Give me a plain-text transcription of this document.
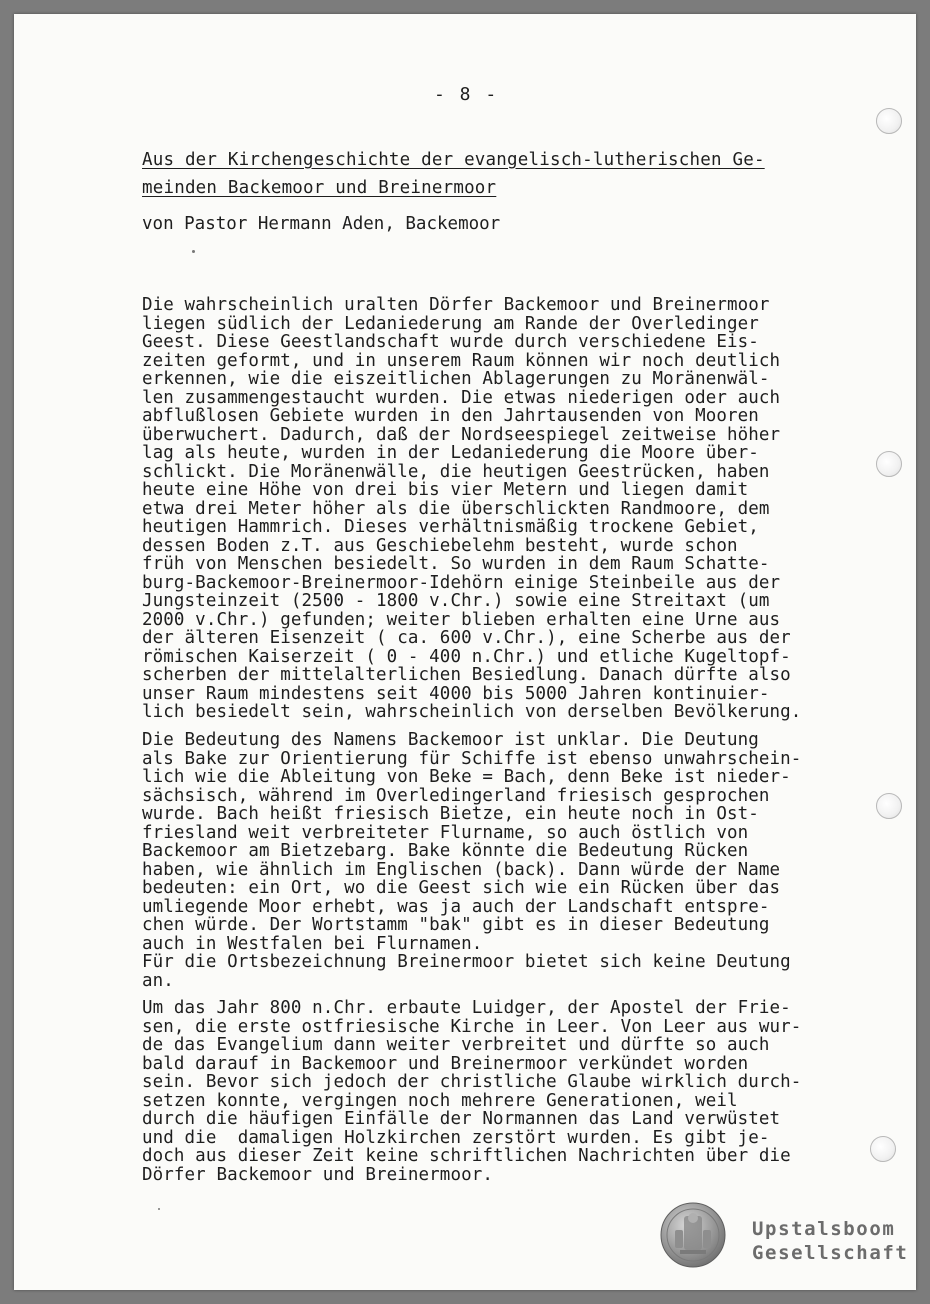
- 8 -
Aus der Kirchengeschichte der evangelisch-lutherischen Ge-
meinden Backemoor und Breinermoor
von Pastor Hermann Aden, Backemoor

Die wahrscheinlich uralten Dörfer Backemoor und Breinermoor
liegen südlich der Ledaniederung am Rande der Overledinger
Geest. Diese Geestlandschaft wurde durch verschiedene Eis-
zeiten geformt, und in unserem Raum können wir noch deutlich
erkennen, wie die eiszeitlichen Ablagerungen zu Moränenwäl-
len zusammengestaucht wurden. Die etwas niederigen oder auch
abflußlosen Gebiete wurden in den Jahrtausenden von Mooren
überwuchert. Dadurch, daß der Nordseespiegel zeitweise höher
lag als heute, wurden in der Ledaniederung die Moore über-
schlickt. Die Moränenwälle, die heutigen Geestrücken, haben
heute eine Höhe von drei bis vier Metern und liegen damit
etwa drei Meter höher als die überschlickten Randmoore, dem
heutigen Hammrich. Dieses verhältnismäßig trockene Gebiet,
dessen Boden z.T. aus Geschiebelehm besteht, wurde schon
früh von Menschen besiedelt. So wurden in dem Raum Schatte-
burg-Backemoor-Breinermoor-Idehörn einige Steinbeile aus der
Jungsteinzeit (2500 - 1800 v.Chr.) sowie eine Streitaxt (um
2000 v.Chr.) gefunden; weiter blieben erhalten eine Urne aus
der älteren Eisenzeit ( ca. 600 v.Chr.), eine Scherbe aus der
römischen Kaiserzeit ( 0 - 400 n.Chr.) und etliche Kugeltopf-
scherben der mittelalterlichen Besiedlung. Danach dürfte also
unser Raum mindestens seit 4000 bis 5000 Jahren kontinuier-
lich besiedelt sein, wahrscheinlich von derselben Bevölkerung.

Die Bedeutung des Namens Backemoor ist unklar. Die Deutung
als Bake zur Orientierung für Schiffe ist ebenso unwahrschein-
lich wie die Ableitung von Beke = Bach, denn Beke ist nieder-
sächsisch, während im Overledingerland friesisch gesprochen
wurde. Bach heißt friesisch Bietze, ein heute noch in Ost-
friesland weit verbreiteter Flurname, so auch östlich von
Backemoor am Bietzebarg. Bake könnte die Bedeutung Rücken
haben, wie ähnlich im Englischen (back). Dann würde der Name
bedeuten: ein Ort, wo die Geest sich wie ein Rücken über das
umliegende Moor erhebt, was ja auch der Landschaft entspre-
chen würde. Der Wortstamm "bak" gibt es in dieser Bedeutung
auch in Westfalen bei Flurnamen.
Für die Ortsbezeichnung Breinermoor bietet sich keine Deutung
an.

Um das Jahr 800 n.Chr. erbaute Luidger, der Apostel der Frie-
sen, die erste ostfriesische Kirche in Leer. Von Leer aus wur-
de das Evangelium dann weiter verbreitet und dürfte so auch
bald darauf in Backemoor und Breinermoor verkündet worden
sein. Bevor sich jedoch der christliche Glaube wirklich durch-
setzen konnte, vergingen noch mehrere Generationen, weil
durch die häufigen Einfälle der Normannen das Land verwüstet
und die  damaligen Holzkirchen zerstört wurden. Es gibt je-
doch aus dieser Zeit keine schriftlichen Nachrichten über die
Dörfer Backemoor und Breinermoor.

Upstalsboom
Gesellschaft
